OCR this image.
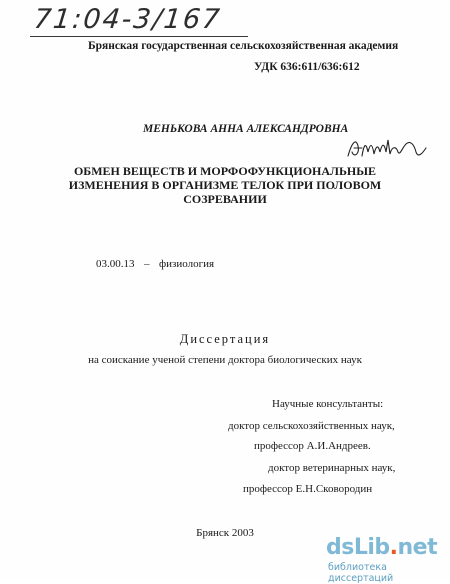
71:04-3/167
Брянская государственная сельскохозяйственная академия
УДК 636:611/636:612
МЕНЬКОВА АННА АЛЕКСАНДРОВНА
ОБМЕН ВЕЩЕСТВ И МОРФОФУНКЦИОНАЛЬНЫЕ
ИЗМЕНЕНИЯ В ОРГАНИЗМЕ ТЕЛОК ПРИ ПОЛОВОМ
СОЗРЕВАНИИ
03.00.13 – физиология
Диссертация
на соискание ученой степени доктора биологических наук
Научные консультанты:
доктор сельскохозяйственных наук,
профессор А.И.Андреев.
доктор ветеринарных наук,
профессор Е.Н.Сковородин
Брянск 2003
dsLib.net
библиотека диссертаций
